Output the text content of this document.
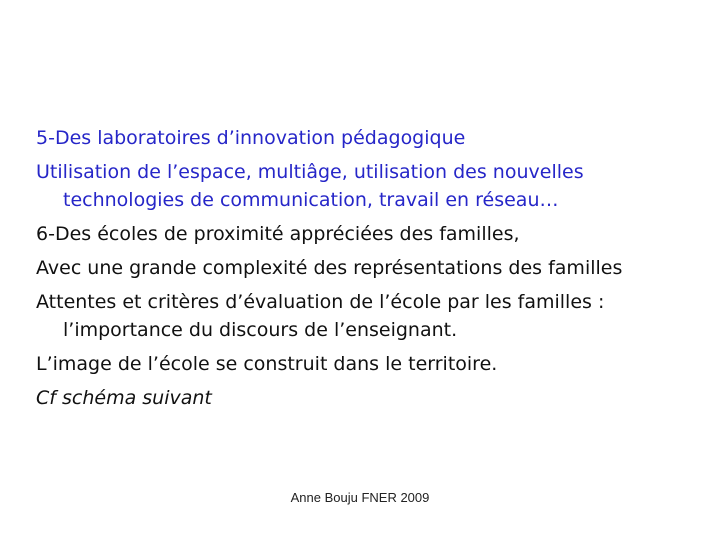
5-Des laboratoires d’innovation pédagogique

Utilisation de l’espace, multiâge, utilisation des nouvelles technologies de communication, travail en réseau…

6-Des écoles de proximité appréciées des familles,

Avec une grande complexité des représentations des familles

Attentes et critères d’évaluation de l’école par les familles : l’importance du discours de l’enseignant.

L’image de l’école se construit dans le territoire.

Cf schéma suivant

Anne Bouju FNER 2009
